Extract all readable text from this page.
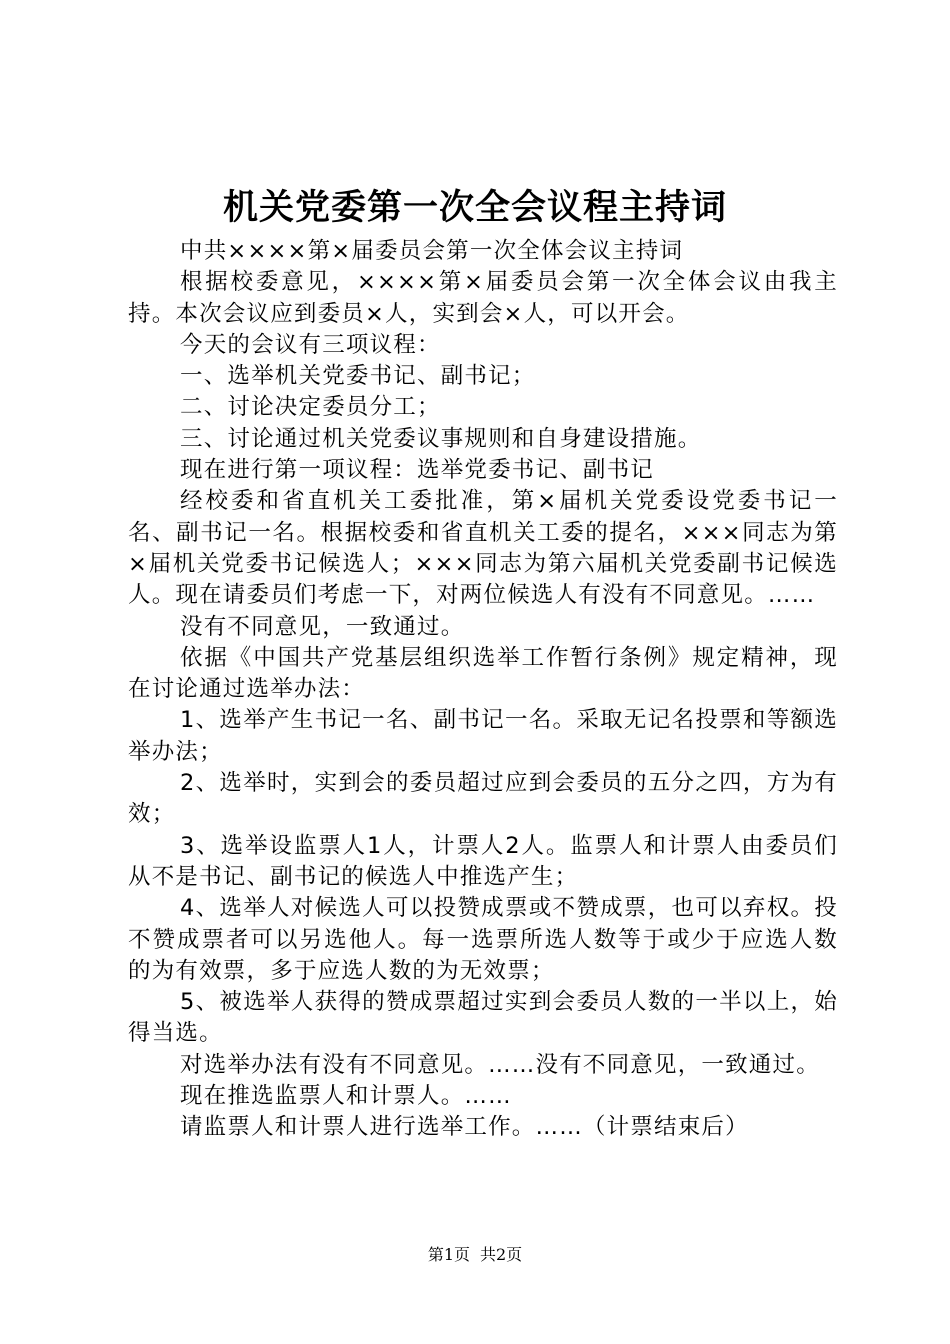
机关党委第一次全会议程主持词

中共××××第×届委员会第一次全体会议主持词

根据校委意见，××××第×届委员会第一次全体会议由我主持。本次会议应到委员×人，实到会×人，可以开会。

今天的会议有三项议程：

一、选举机关党委书记、副书记；

二、讨论决定委员分工；

三、讨论通过机关党委议事规则和自身建设措施。

现在进行第一项议程：选举党委书记、副书记

经校委和省直机关工委批准，第×届机关党委设党委书记一名、副书记一名。根据校委和省直机关工委的提名，×××同志为第×届机关党委书记候选人；×××同志为第六届机关党委副书记候选人。现在请委员们考虑一下，对两位候选人有没有不同意见。……

没有不同意见，一致通过。

依据《中国共产党基层组织选举工作暂行条例》规定精神，现在讨论通过选举办法：

1、选举产生书记一名、副书记一名。采取无记名投票和等额选举办法；

2、选举时，实到会的委员超过应到会委员的五分之四，方为有效；

3、选举设监票人1人，计票人2人。监票人和计票人由委员们从不是书记、副书记的候选人中推选产生；

4、选举人对候选人可以投赞成票或不赞成票，也可以弃权。投不赞成票者可以另选他人。每一选票所选人数等于或少于应选人数的为有效票，多于应选人数的为无效票；

5、被选举人获得的赞成票超过实到会委员人数的一半以上，始得当选。

对选举办法有没有不同意见。……没有不同意见，一致通过。

现在推选监票人和计票人。……

请监票人和计票人进行选举工作。……（计票结束后）

第1页 共2页
